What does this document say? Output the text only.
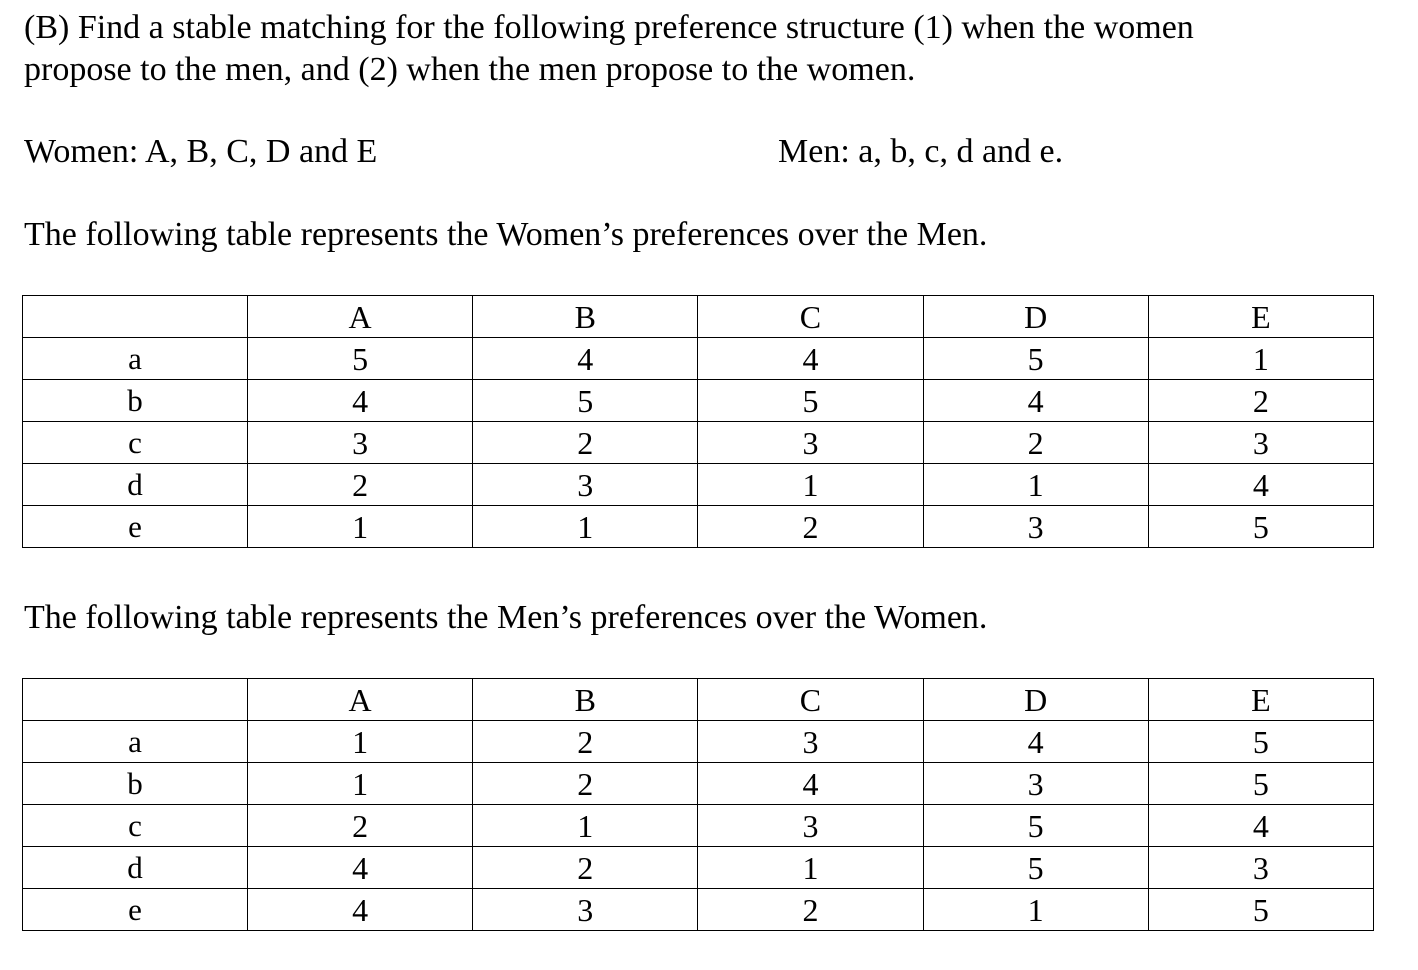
(B) Find a stable matching for the following preference structure (1) when the women
propose to the men, and (2) when the men propose to the women.
Women: A, B, C, D and E	Men: a, b, c, d and e.
The following table represents the Women’s preferences over the Men.
	A	B	C	D	E
a	5	4	4	5	1
b	4	5	5	4	2
c	3	2	3	2	3
d	2	3	1	1	4
e	1	1	2	3	5
The following table represents the Men’s preferences over the Women.
	A	B	C	D	E
a	1	2	3	4	5
b	1	2	4	3	5
c	2	1	3	5	4
d	4	2	1	5	3
e	4	3	2	1	5
